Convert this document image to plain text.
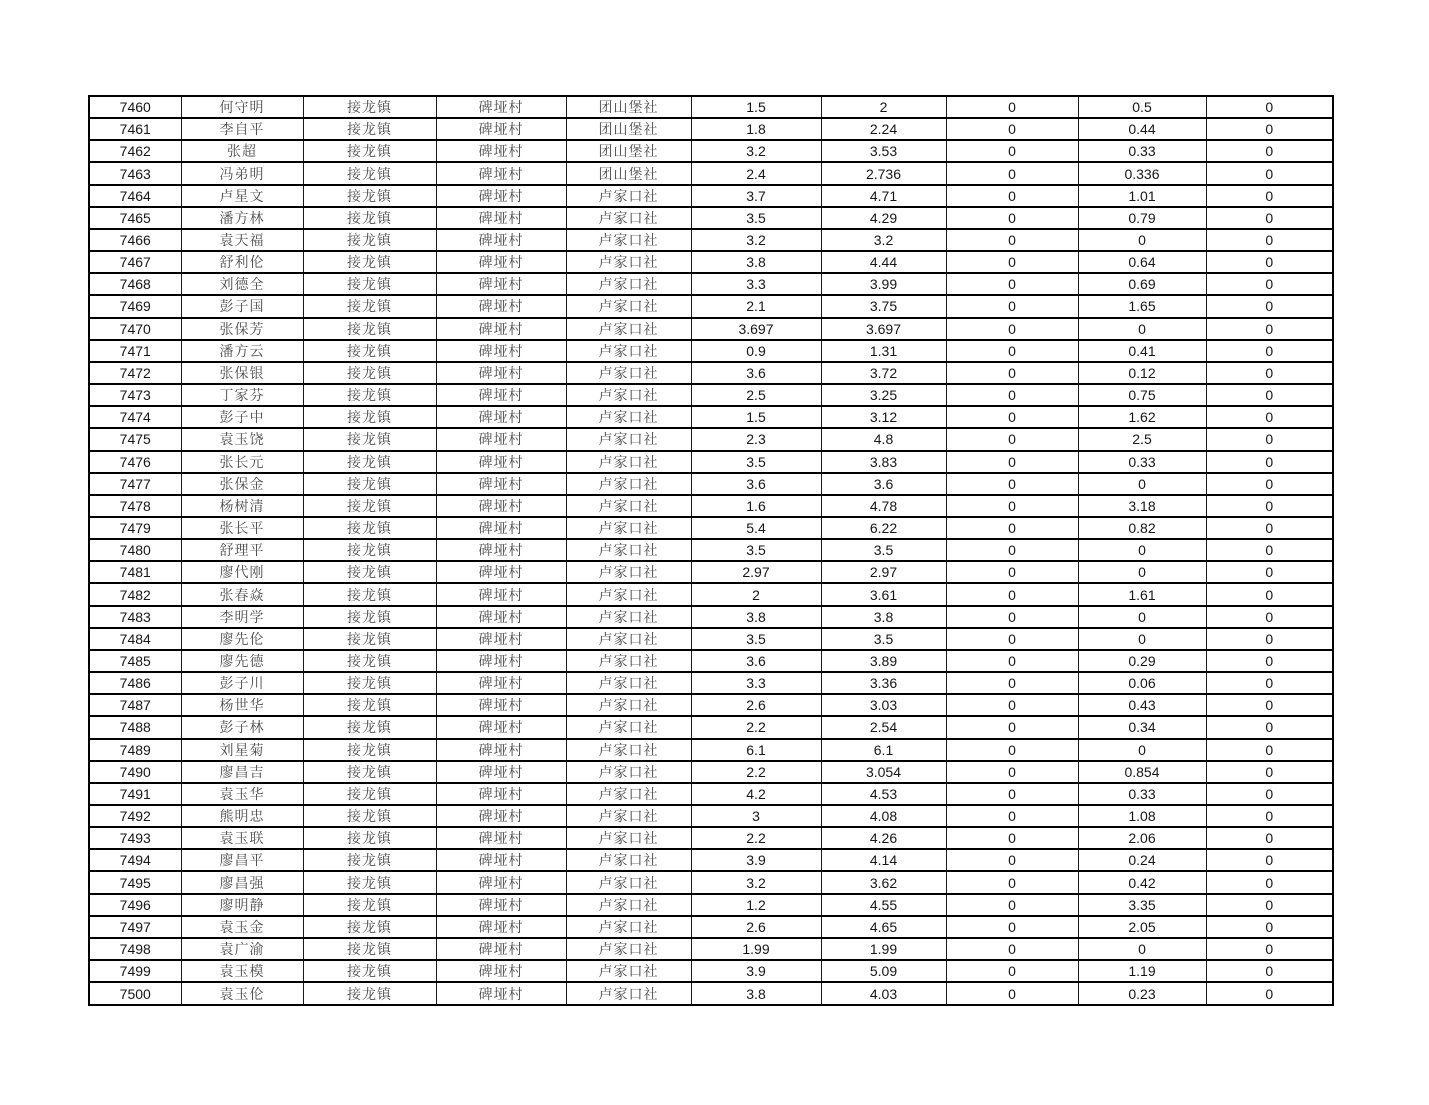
7460	何守明	接龙镇	碑垭村	团山堡社	1.5	2	0	0.5	0
7461	李自平	接龙镇	碑垭村	团山堡社	1.8	2.24	0	0.44	0
7462	张超	接龙镇	碑垭村	团山堡社	3.2	3.53	0	0.33	0
7463	冯弟明	接龙镇	碑垭村	团山堡社	2.4	2.736	0	0.336	0
7464	卢星文	接龙镇	碑垭村	卢家口社	3.7	4.71	0	1.01	0
7465	潘方林	接龙镇	碑垭村	卢家口社	3.5	4.29	0	0.79	0
7466	袁天福	接龙镇	碑垭村	卢家口社	3.2	3.2	0	0	0
7467	舒利伦	接龙镇	碑垭村	卢家口社	3.8	4.44	0	0.64	0
7468	刘德全	接龙镇	碑垭村	卢家口社	3.3	3.99	0	0.69	0
7469	彭子国	接龙镇	碑垭村	卢家口社	2.1	3.75	0	1.65	0
7470	张保芳	接龙镇	碑垭村	卢家口社	3.697	3.697	0	0	0
7471	潘方云	接龙镇	碑垭村	卢家口社	0.9	1.31	0	0.41	0
7472	张保银	接龙镇	碑垭村	卢家口社	3.6	3.72	0	0.12	0
7473	丁家芬	接龙镇	碑垭村	卢家口社	2.5	3.25	0	0.75	0
7474	彭子中	接龙镇	碑垭村	卢家口社	1.5	3.12	0	1.62	0
7475	袁玉饶	接龙镇	碑垭村	卢家口社	2.3	4.8	0	2.5	0
7476	张长元	接龙镇	碑垭村	卢家口社	3.5	3.83	0	0.33	0
7477	张保金	接龙镇	碑垭村	卢家口社	3.6	3.6	0	0	0
7478	杨树清	接龙镇	碑垭村	卢家口社	1.6	4.78	0	3.18	0
7479	张长平	接龙镇	碑垭村	卢家口社	5.4	6.22	0	0.82	0
7480	舒理平	接龙镇	碑垭村	卢家口社	3.5	3.5	0	0	0
7481	廖代刚	接龙镇	碑垭村	卢家口社	2.97	2.97	0	0	0
7482	张春焱	接龙镇	碑垭村	卢家口社	2	3.61	0	1.61	0
7483	李明学	接龙镇	碑垭村	卢家口社	3.8	3.8	0	0	0
7484	廖先伦	接龙镇	碑垭村	卢家口社	3.5	3.5	0	0	0
7485	廖先德	接龙镇	碑垭村	卢家口社	3.6	3.89	0	0.29	0
7486	彭子川	接龙镇	碑垭村	卢家口社	3.3	3.36	0	0.06	0
7487	杨世华	接龙镇	碑垭村	卢家口社	2.6	3.03	0	0.43	0
7488	彭子林	接龙镇	碑垭村	卢家口社	2.2	2.54	0	0.34	0
7489	刘星菊	接龙镇	碑垭村	卢家口社	6.1	6.1	0	0	0
7490	廖昌吉	接龙镇	碑垭村	卢家口社	2.2	3.054	0	0.854	0
7491	袁玉华	接龙镇	碑垭村	卢家口社	4.2	4.53	0	0.33	0
7492	熊明忠	接龙镇	碑垭村	卢家口社	3	4.08	0	1.08	0
7493	袁玉联	接龙镇	碑垭村	卢家口社	2.2	4.26	0	2.06	0
7494	廖昌平	接龙镇	碑垭村	卢家口社	3.9	4.14	0	0.24	0
7495	廖昌强	接龙镇	碑垭村	卢家口社	3.2	3.62	0	0.42	0
7496	廖明静	接龙镇	碑垭村	卢家口社	1.2	4.55	0	3.35	0
7497	袁玉金	接龙镇	碑垭村	卢家口社	2.6	4.65	0	2.05	0
7498	袁广渝	接龙镇	碑垭村	卢家口社	1.99	1.99	0	0	0
7499	袁玉模	接龙镇	碑垭村	卢家口社	3.9	5.09	0	1.19	0
7500	袁玉伦	接龙镇	碑垭村	卢家口社	3.8	4.03	0	0.23	0
